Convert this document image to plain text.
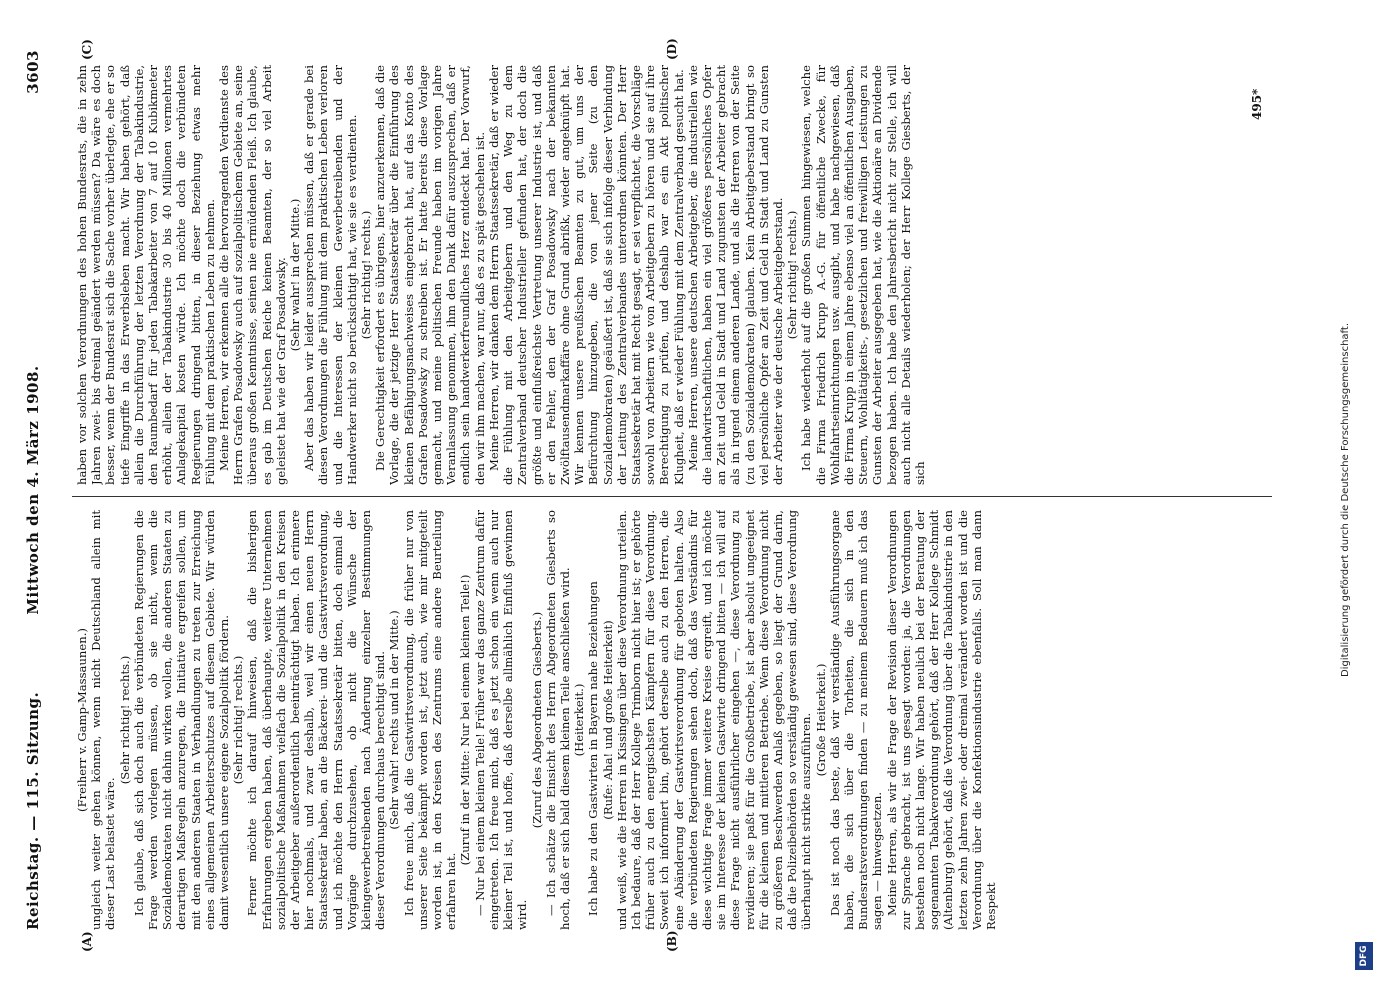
Reichstag. — 115. Sitzung.
Mittwoch den 4. März 1908.
3603
(A)	(B)
(C)	(D)

(Freiherr v. Gamp-Massaunen.) ungleich weiter gehen können, wenn nicht Deutschland allein mit dieser Last belastet wäre.

(Sehr richtig! rechts.) Ich glaube, daß sich doch auch die verbündeten Regierungen die Frage werden vorlegen müssen, ob sie nicht, wenn die Sozialdemokraten nicht dahin wirken wollen, die anderen Staaten zu derartigen Maßregeln anzuregen, die Initiative ergreifen sollen, um mit den anderen Staaten in Verhandlungen zu treten zur Erreichung eines allgemeinen Arbeiterschutzes auf diesem Gebiete. Wir würden damit wesentlich unsere eigene Sozialpolitik fördern. (Sehr richtig! rechts.) Ferner möchte ich darauf hinweisen, daß die bisherigen Erfahrungen ergeben haben, daß überhaupte, weitere Unternehmen sozialpolitische Maßnahmen vielfach die Sozialpolitik in den Kreisen der Arbeitgeber außerordentlich beeinträchtigt haben. Ich erinnere hier nochmals, und zwar deshalb, weil wir einen neuen Herrn Staatssekretär haben, an die Bäckerei- und die Gastwirtsverordnung, und ich möchte den Herrn Staatssekretär bitten, doch einmal die Vorgänge durchzusehen, ob nicht die Wünsche der kleingewerbetreibenden nach Änderung einzelner Bestimmungen dieser Verordnungen durchaus berechtigt sind. (Sehr wahr! rechts und in der Mitte.) Ich freue mich, daß die Gastwirtsverordnung, die früher nur von unserer Seite bekämpft worden ist, jetzt auch, wie mir mitgeteilt worden ist, in den Kreisen des Zentrums eine andere Beurteilung erfahren hat.

(Zuruf in der Mitte: Nur bei einem kleinen Teile!) — Nur bei einem kleinen Teile! Früher war das ganze Zentrum dafür eingetreten. Ich freue mich, daß es jetzt schon ein wenn auch nur kleiner Teil ist, und hoffe, daß derselbe allmählich Einfluß gewinnen wird.

(Zuruf des Abgeordneten Giesberts.) — Ich schätze die Einsicht des Herrn Abgeordneten Giesberts so hoch, daß er sich bald diesem kleinen Teile anschließen wird. (Heiterkeit.) Ich habe zu den Gastwirten in Bayern nahe Beziehungen (Rufe: Aha! und große Heiterkeit) und weiß, wie die Herren in Kissingen über diese Verordnung urteilen. Ich bedaure, daß der Herr Kollege Trimborn nicht hier ist; er gehörte früher auch zu den energischsten Kämpfern für diese Verordnung. Soweit ich informiert bin, gehört derselbe auch zu den Herren, die eine Abänderung der Gastwirtsverordnung für geboten halten. Also die verbündeten Regierungen sehen doch, daß das Verständnis für diese wichtige Frage immer weitere Kreise ergreift, und ich möchte sie im Interesse der kleinen Gastwirte dringend bitten — ich will auf diese Frage nicht ausführlicher eingehen —, diese Verordnung zu revidieren; sie paßt für die Großbetriebe, ist aber absolut ungeeignet für die kleinen und mittleren Betriebe. Wenn diese Verordnung nicht zu größeren Beschwerden Anlaß gegeben, so liegt der Grund darin, daß die Polizeibehörden so verständig gewesen sind, diese Verordnung überhaupt nicht strikte auszuführen. (Große Heiterkeit.) Das ist noch das beste, daß wir verständige Ausführungsorgane haben, die sich über die Torheiten, die sich in den Bundesratsverordnungen finden — zu meinem Bedauern muß ich das sagen — hinwegsetzen. Meine Herren, als wir die Frage der Revision dieser Verordnungen zur Sprache gebracht, ist uns gesagt worden: ja, die Verordnungen bestehen noch nicht lange. Wir haben neulich bei der Beratung der sogenannten Tabakverordnung gehört, daß der Herr Kollege Schmidt (Altenburg) gehört, daß die Verordnung über die Tabakindustrie in den letzten zehn Jahren zwei- oder dreimal verändert worden ist und die Verordnung über die Konfektionsindustrie ebenfalls. Soll man dann Respekt

haben vor solchen Verordnungen des hohen Bundesrats, die in zehn Jahren zwei- bis dreimal geändert werden müssen? Da wäre es doch besser, wenn der Bundesrat sich die Sache vorher überlegte, ehe er so tiefe Eingriffe in das Erwerbsleben macht. Wir haben gehört, daß allein die Durchführung der letzten Verordnung der Tabakindustrie, den Raumbedarf für jeden Tabakarbeiter von 7 auf 10 Kubikmeter erhöht, allein der Tabakindustrie 30 bis 40 Millionen vermehrtes Anlagekapital kosten würde. Ich möchte doch die verbündeten Regierungen dringend bitten, in dieser Beziehung etwas mehr Fühlung mit dem praktischen Leben zu nehmen. Meine Herren, wir erkennen alle die hervorragenden Verdienste des Herrn Grafen Posadowsky auch auf sozialpolitischem Gebiete an, seine überaus großen Kenntnisse, seinen nie ermüdenden Fleiß. Ich glaube, es gab im Deutschen Reiche keinen Beamten, der so viel Arbeit geleistet hat wie der Graf Posadowsky. (Sehr wahr! in der Mitte.) Aber das haben wir leider aussprechen müssen, daß er gerade bei diesen Verordnungen die Fühlung mit dem praktischen Leben verloren und die Interessen der kleinen Gewerbetreibenden und der Handwerker nicht so berücksichtigt hat, wie sie es verdienten. (Sehr richtig! rechts.) Die Gerechtigkeit erfordert es übrigens, hier anzuerkennen, daß die Vorlage, die der jetzige Herr Staatssekretär über die Einführung des kleinen Befähigungsnachweises eingebracht hat, auf das Konto des Grafen Posadowsky zu schreiben ist. Er hatte bereits diese Vorlage gemacht, und meine politischen Freunde haben im vorigen Jahre Veranlassung genommen, ihm den Dank dafür auszusprechen, daß er endlich sein handwerkerfreundliches Herz entdeckt hat. Der Vorwurf, den wir ihm machen, war nur, daß es zu spät geschehen ist. Meine Herren, wir danken dem Herrn Staatssekretär, daß er wieder die Fühlung mit den Arbeitgebern und den Weg zu dem Zentralverband deutscher Industrieller gefunden hat, der doch die größte und einflußreichste Vertretung unserer Industrie ist, und daß er den Fehler, den der Graf Posadowsky nach der bekannten Zwölftausendmarkaffäre ohne Grund abrißk, wieder angeknüpft hat. Wir kennen unsere preußischen Beamten zu gut, um uns der Befürchtung hinzugeben, die von jener Seite (zu den Sozialdemokraten) geäußert ist, daß sie sich infolge dieser Verbindung der Leitung des Zentralverbandes unterordnen könnten. Der Herr Staatssekretär hat mit Recht gesagt, er sei verpflichtet, die Vorschläge sowohl von Arbeitern wie von Arbeitgebern zu hören und sie auf ihre Berechtigung zu prüfen, und deshalb war es ein Akt politischer Klugheit, daß er wieder Fühlung mit dem Zentralverband gesucht hat. Meine Herren, unsere deutschen Arbeitgeber, die industriellen wie die landwirtschaftlichen, haben ein viel größeres persönliches Opfer an Zeit und Geld in Stadt und Land zugunsten der Arbeiter gebracht als in irgend einem anderen Lande, und als die Herren von der Seite (zu den Sozialdemokraten) glauben. Kein Arbeitgeberstand bringt so viel persönliche Opfer an Zeit und Geld in Stadt und Land zu Gunsten der Arbeiter wie der deutsche Arbeitgeberstand. (Sehr richtig! rechts.) Ich habe wiederholt auf die großen Summen hingewiesen, welche die Firma Friedrich Krupp A.-G. für öffentliche Zwecke, für Wohlfahrtseinrichtungen usw. ausgibt, und habe nachgewiesen, daß die Firma Krupp in einem Jahre ebenso viel an öffentlichen Ausgaben, Steuern, Wohltätigkeits-, gesetzlichen und freiwilligen Leistungen zu Gunsten der Arbeiter ausgegeben hat, wie die Aktionäre an Dividende bezogen haben. Ich habe den Jahresbericht nicht zur Stelle, ich will auch nicht alle Details wiederholen; der Herr Kollege Giesberts, der sich

495*
Digitalisierung gefördert durch die Deutsche Forschungsgemeinschaft.
DFG
